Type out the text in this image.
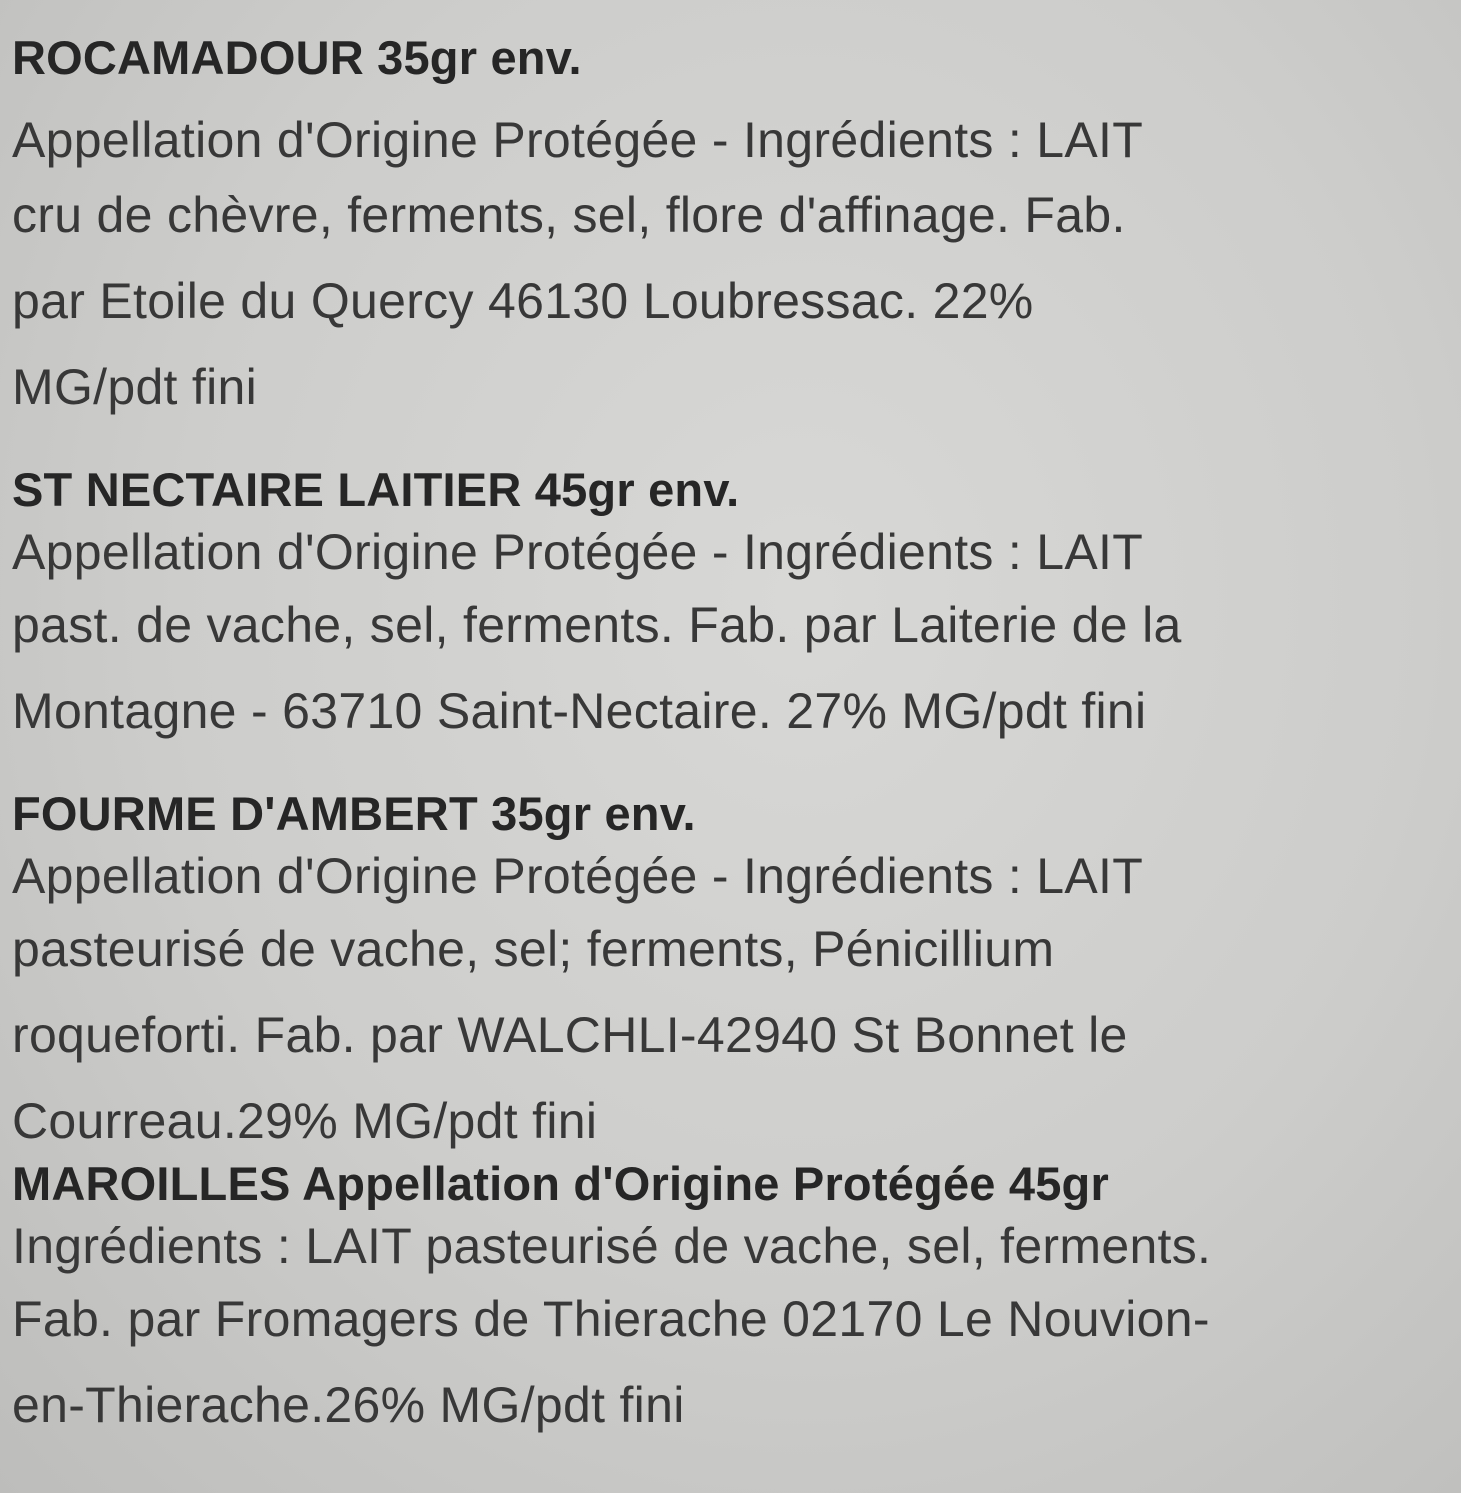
ROCAMADOUR 35gr env.
Appellation d'Origine Protégée - Ingrédients : LAIT
cru de chèvre, ferments, sel, flore d'affinage. Fab.
par Etoile du Quercy 46130 Loubressac. 22%
MG/pdt fini
ST NECTAIRE LAITIER 45gr env.
Appellation d'Origine Protégée - Ingrédients : LAIT
past. de vache, sel, ferments. Fab. par Laiterie de la
Montagne - 63710 Saint-Nectaire. 27% MG/pdt fini
FOURME D'AMBERT 35gr env.
Appellation d'Origine Protégée - Ingrédients : LAIT
pasteurisé de vache, sel; ferments, Pénicillium
roqueforti. Fab. par WALCHLI-42940 St Bonnet le
Courreau.29% MG/pdt fini
MAROILLES Appellation d'Origine Protégée 45gr
Ingrédients : LAIT pasteurisé de vache, sel, ferments.
Fab. par Fromagers de Thierache 02170 Le Nouvion-
en-Thierache.26% MG/pdt fini
